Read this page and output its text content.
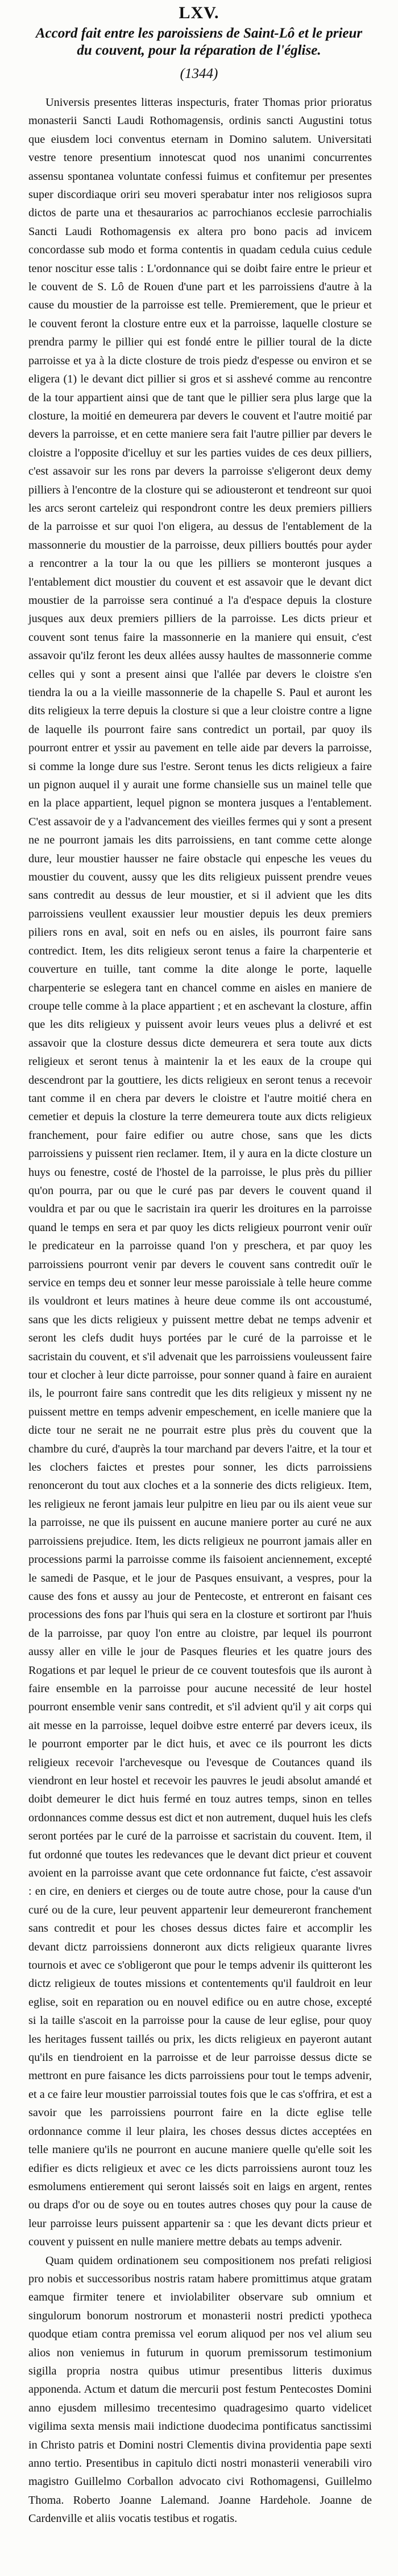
LXV.
Accord fait entre les paroissiens de Saint-Lô et le prieur du couvent, pour la réparation de l'église.
(1344)

Universis presentes litteras inspecturis, frater Thomas prior prioratus monasterii Sancti Laudi Rothomagensis, ordinis sancti Augustini totus que eiusdem loci conventus eternam in Domino salutem. Universitati vestre tenore presentium innotescat quod nos unanimi concurrentes assensu spontanea voluntate confessi fuimus et confitemur per presentes super discordiaque oriri seu moveri sperabatur inter nos religiosos supra dictos de parte una et thesaurarios ac parrochianos ecclesie parrochialis Sancti Laudi Rothomagensis ex altera pro bono pacis ad invicem concordasse sub modo et forma contentis in quadam cedula cuius cedule tenor noscitur esse talis : L'ordonnance qui se doibt faire entre le prieur et le couvent de S. Lô de Rouen d'une part et les parroissiens d'autre à la cause du moustier de la parroisse est telle. Premierement, que le prieur et le couvent feront la closture entre eux et la parroisse, laquelle closture se prendra parmy le pillier qui est fondé entre le pillier toural de la dicte parroisse et ya à la dicte closture de trois piedz d'espesse ou environ et se eligera (1) le devant dict pillier si gros et si asshevé comme au rencontre de la tour appartient ainsi que de tant que le pillier sera plus large que la closture, la moitié en demeurera par devers le couvent et l'autre moitié par devers la parroisse, et en cette maniere sera fait l'autre pillier par devers le cloistre a l'opposite d'icelluy et sur les parties vuides de ces deux pilliers, c'est assavoir sur les rons par devers la parroisse s'eligeront deux demy pilliers à l'encontre de la closture qui se adiousteront et tendreont sur quoi les arcs seront carteleiz qui respondront contre les deux premiers pilliers de la parroisse et sur quoi l'on eligera, au dessus de l'entablement de la massonnerie du moustier de la parroisse, deux pilliers bouttés pour ayder a rencontrer a la tour la ou que les pilliers se monteront jusques a l'entablement dict moustier du couvent et est assavoir que le devant dict moustier de la parroisse sera continué a l'a d'espace depuis la closture jusques aux deux premiers pilliers de la parroisse. Les dicts prieur et couvent sont tenus faire la massonnerie en la maniere qui ensuit, c'est assavoir qu'ilz feront les deux allées aussy haultes de massonnerie comme celles qui y sont a present ainsi que l'allée par devers le cloistre s'en tiendra la ou a la vieille massonnerie de la chapelle S. Paul et auront les dits religieux la terre depuis la closture si que a leur cloistre contre a ligne de laquelle ils pourront faire sans contredict un portail, par quoy ils pourront entrer et yssir au pavement en telle aide par devers la parroisse, si comme la longe dure sus l'estre. Seront tenus les dicts religieux a faire un pignon auquel il y aurait une forme chansielle sus un mainel telle que en la place appartient, lequel pignon se montera jusques a l'entablement. C'est assavoir de y a l'advancement des vieilles fermes qui y sont a present ne ne pourront jamais les dits parroissiens, en tant comme cette alonge dure, leur moustier hausser ne faire obstacle qui enpesche les veues du moustier du couvent, aussy que les dits religieux puissent prendre veues sans contredit au dessus de leur moustier, et si il advient que les dits parroissiens veullent exaussier leur moustier depuis les deux premiers piliers rons en aval, soit en nefs ou en aisles, ils pourront faire sans contredict. Item, les dits religieux seront tenus a faire la charpenterie et couverture en tuille, tant comme la dite alonge le porte, laquelle charpenterie se eslegera tant en chancel comme en aisles en maniere de croupe telle comme à la place appartient ; et en aschevant la closture, affin que les dits religieux y puissent avoir leurs veues plus a delivré et est assavoir que la closture dessus dicte demeurera et sera toute aux dicts religieux et seront tenus à maintenir la et les eaux de la croupe qui descendront par la gouttiere, les dicts religieux en seront tenus a recevoir tant comme il en chera par devers le cloistre et l'autre moitié chera en cemetier et depuis la closture la terre demeurera toute aux dicts religieux franchement, pour faire edifier ou autre chose, sans que les dicts parroissiens y puissent rien reclamer. Item, il y aura en la dicte closture un huys ou fenestre, costé de l'hostel de la parroisse, le plus près du pillier qu'on pourra, par ou que le curé pas par devers le couvent quand il vouldra et par ou que le sacristain ira querir les droitures en la parroisse quand le temps en sera et par quoy les dicts religieux pourront venir ouïr le predicateur en la parroisse quand l'on y preschera, et par quoy les parroissiens pourront venir par devers le couvent sans contredit ouïr le service en temps deu et sonner leur messe paroissiale à telle heure comme ils vouldront et leurs matines à heure deue comme ils ont accoustumé, sans que les dicts religieux y puissent mettre debat ne temps advenir et seront les clefs dudit huys portées par le curé de la parroisse et le sacristain du couvent, et s'il advenait que les parroissiens vouleussent faire tour et clocher à leur dicte parroisse, pour sonner quand à faire en auraient ils, le pourront faire sans contredit que les dits religieux y missent ny ne puissent mettre en temps advenir empeschement, en icelle maniere que la dicte tour ne serait ne ne pourrait estre plus près du couvent que la chambre du curé, d'auprès la tour marchand par devers l'aitre, et la tour et les clochers faictes et prestes pour sonner, les dicts parroissiens renonceront du tout aux cloches et a la sonnerie des dicts religieux. Item, les religieux ne feront jamais leur pulpitre en lieu par ou ils aient veue sur la parroisse, ne que ils puissent en aucune maniere porter au curé ne aux parroissiens prejudice. Item, les dicts religieux ne pourront jamais aller en processions parmi la parroisse comme ils faisoient anciennement, excepté le samedi de Pasque, et le jour de Pasques ensuivant, a vespres, pour la cause des fons et aussy au jour de Pentecoste, et entreront en faisant ces processions des fons par l'huis qui sera en la closture et sortiront par l'huis de la parroisse, par quoy l'on entre au cloistre, par lequel ils pourront aussy aller en ville le jour de Pasques fleuries et les quatre jours des Rogations et par lequel le prieur de ce couvent toutesfois que ils auront à faire ensemble en la parroisse pour aucune necessité de leur hostel pourront ensemble venir sans contredit, et s'il advient qu'il y ait corps qui ait messe en la parroisse, lequel doibve estre enterré par devers iceux, ils le pourront emporter par le dict huis, et avec ce ils pourront les dicts religieux recevoir l'archevesque ou l'evesque de Coutances quand ils viendront en leur hostel et recevoir les pauvres le jeudi absolut amandé et doibt demeurer le dict huis fermé en touz autres temps, sinon en telles ordonnances comme dessus est dict et non autrement, duquel huis les clefs seront portées par le curé de la parroisse et sacristain du couvent. Item, il fut ordonné que toutes les redevances que le devant dict prieur et couvent avoient en la parroisse avant que cete ordonnance fut faicte, c'est assavoir : en cire, en deniers et cierges ou de toute autre chose, pour la cause d'un curé ou de la cure, leur peuvent appartenir leur demeureront franchement sans contredit et pour les choses dessus dictes faire et accomplir les devant dictz parroissiens donneront aux dicts religieux quarante livres tournois et avec ce s'obligeront que pour le temps advenir ils quitteront les dictz religieux de toutes missions et contentements qu'il fauldroit en leur eglise, soit en reparation ou en nouvel edifice ou en autre chose, excepté si la taille s'ascoit en la parroisse pour la cause de leur eglise, pour quoy les heritages fussent taillés ou prix, les dicts religieux en payeront autant qu'ils en tiendroient en la parroisse et de leur parroisse dessus dicte se mettront en pure faisance les dicts parroissiens pour tout le temps advenir, et a ce faire leur moustier parroissial toutes fois que le cas s'offrira, et est a savoir que les parroissiens pourront faire en la dicte eglise telle ordonnance comme il leur plaira, les choses dessus dictes acceptées en telle maniere qu'ils ne pourront en aucune maniere quelle qu'elle soit les edifier es dicts religieux et avec ce les dicts parroissiens auront touz les esmolumens entierement qui seront laissés soit en laigs en argent, rentes ou draps d'or ou de soye ou en toutes autres choses quy pour la cause de leur parroisse leurs puissent appartenir sa : que les devant dicts prieur et couvent y puissent en nulle maniere mettre debats au temps advenir.

Quam quidem ordinationem seu compositionem nos prefati religiosi pro nobis et successoribus nostris ratam habere promittimus atque gratam eamque firmiter tenere et inviolabiliter observare sub omnium et singulorum bonorum nostrorum et monasterii nostri predicti ypotheca quodque etiam contra premissa vel eorum aliquod per nos vel alium seu alios non veniemus in futurum in quorum premissorum testimonium sigilla propria nostra quibus utimur presentibus litteris duximus apponenda. Actum et datum die mercurii post festum Pentecostes Domini anno ejusdem millesimo trecentesimo quadragesimo quarto videlicet vigilima sexta mensis maii indictione duodecima pontificatus sanctissimi in Christo patris et Domini nostri Clementis divina providentia pape sexti anno tertio. Presentibus in capitulo dicti nostri monasterii venerabili viro magistro Guillelmo Corballon advocato civi Rothomagensi, Guillelmo Thoma. Roberto Joanne Lalemand. Joanne Hardehole. Joanne de Cardenville et aliis vocatis testibus et rogatis.
